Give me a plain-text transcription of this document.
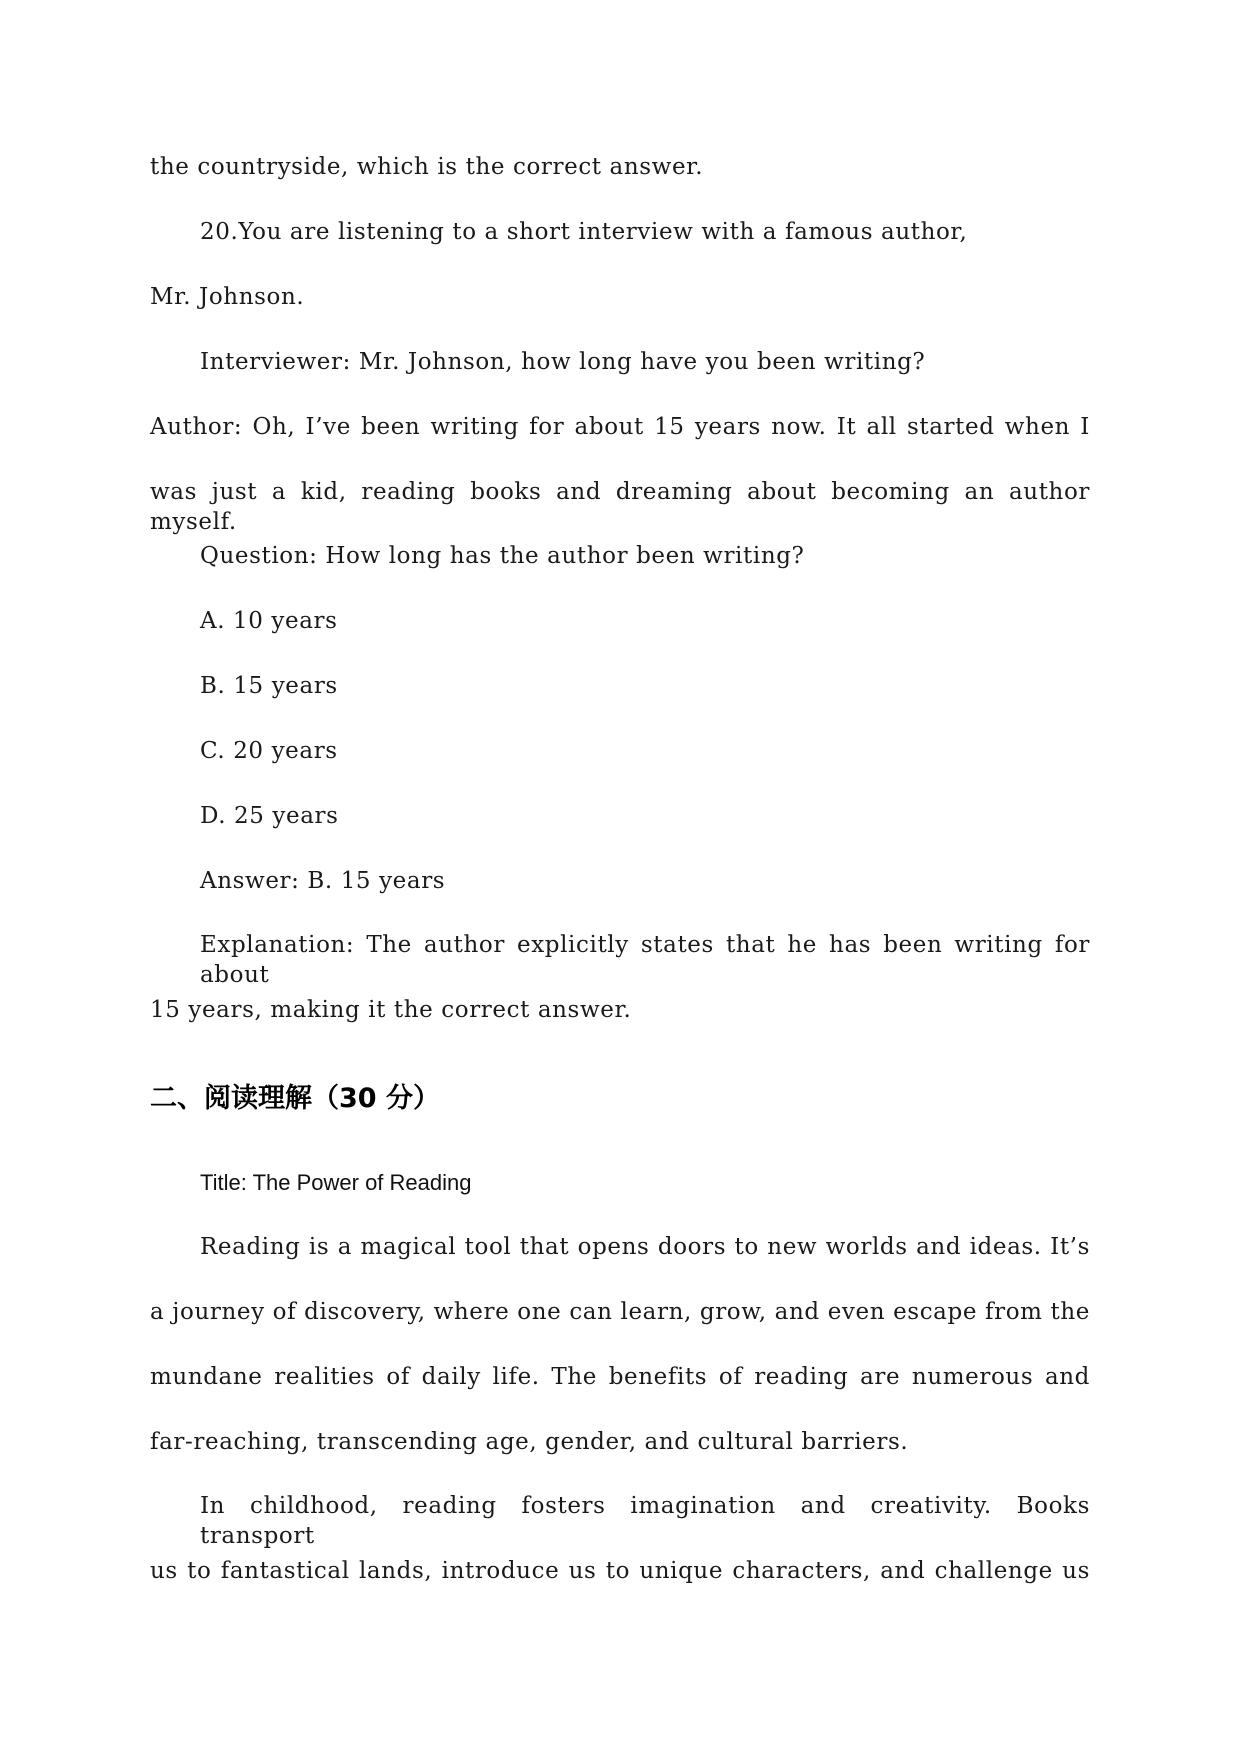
the countryside, which is the correct answer.
20.You are listening to a short interview with a famous author,
Mr. Johnson.
Interviewer: Mr. Johnson, how long have you been writing?
Author: Oh, I’ve been writing for about 15 years now. It all started when I
was just a kid, reading books and dreaming about becoming an author myself.
Question: How long has the author been writing?
A. 10 years
B. 15 years
C. 20 years
D. 25 years
Answer: B. 15 years
Explanation: The author explicitly states that he has been writing for about
15 years, making it the correct answer.
二、阅读理解（30 分）
Title: The Power of Reading
Reading is a magical tool that opens doors to new worlds and ideas. It’s
a journey of discovery, where one can learn, grow, and even escape from the
mundane realities of daily life. The benefits of reading are numerous and
far-reaching, transcending age, gender, and cultural barriers.
In childhood, reading fosters imagination and creativity. Books transport
us to fantastical lands, introduce us to unique characters, and challenge us
